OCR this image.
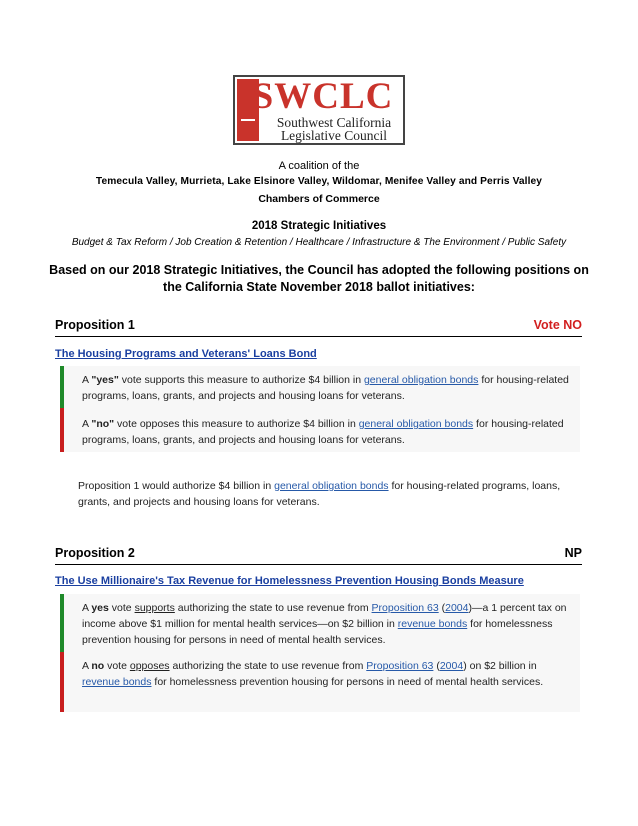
SWCLC
Southwest California
Legislative Council
A coalition of the
Temecula Valley, Murrieta, Lake Elsinore Valley, Wildomar, Menifee Valley and Perris Valley
Chambers of Commerce
2018 Strategic Initiatives
Budget & Tax Reform / Job Creation & Retention / Healthcare / Infrastructure & The Environment / Public Safety
Based on our 2018 Strategic Initiatives, the Council has adopted the following positions on the California State November 2018 ballot initiatives:
Proposition 1	Vote NO
The Housing Programs and Veterans' Loans Bond
A "yes" vote supports this measure to authorize $4 billion in general obligation bonds for housing-related programs, loans, grants, and projects and housing loans for veterans.
A "no" vote opposes this measure to authorize $4 billion in general obligation bonds for housing-related programs, loans, grants, and projects and housing loans for veterans.
Proposition 1 would authorize $4 billion in general obligation bonds for housing-related programs, loans, grants, and projects and housing loans for veterans.
Proposition 2	NP
The Use Millionaire's Tax Revenue for Homelessness Prevention Housing Bonds Measure
A yes vote supports authorizing the state to use revenue from Proposition 63 (2004)—a 1 percent tax on income above $1 million for mental health services—on $2 billion in revenue bonds for homelessness prevention housing for persons in need of mental health services.
A no vote opposes authorizing the state to use revenue from Proposition 63 (2004) on $2 billion in revenue bonds for homelessness prevention housing for persons in need of mental health services.
